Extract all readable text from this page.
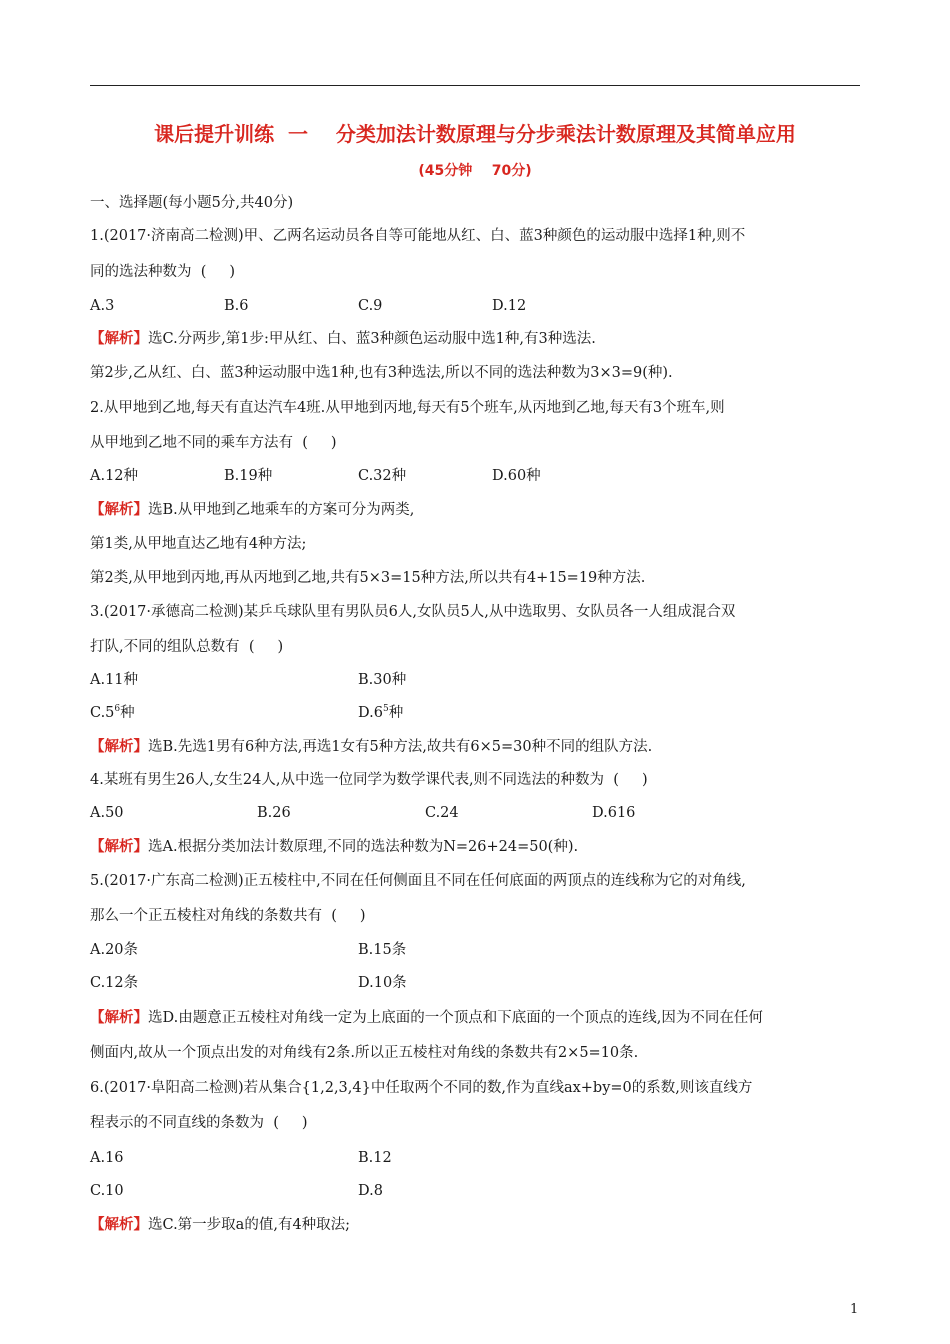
课后提升训练  一    分类加法计数原理与分步乘法计数原理及其简单应用
(45分钟    70分)
一、选择题(每小题5分,共40分)
1.(2017·济南高二检测)甲、乙两名运动员各自等可能地从红、白、蓝3种颜色的运动服中选择1种,则不
同的选法种数为  (     )
A.3	B.6	C.9	D.12
【解析】选C.分两步,第1步:甲从红、白、蓝3种颜色运动服中选1种,有3种选法.
第2步,乙从红、白、蓝3种运动服中选1种,也有3种选法,所以不同的选法种数为3×3=9(种).
2.从甲地到乙地,每天有直达汽车4班.从甲地到丙地,每天有5个班车,从丙地到乙地,每天有3个班车,则
从甲地到乙地不同的乘车方法有  (     )
A.12种	B.19种	C.32种	D.60种
【解析】选B.从甲地到乙地乘车的方案可分为两类,
第1类,从甲地直达乙地有4种方法;
第2类,从甲地到丙地,再从丙地到乙地,共有5×3=15种方法,所以共有4+15=19种方法.
3.(2017·承德高二检测)某乒乓球队里有男队员6人,女队员5人,从中选取男、女队员各一人组成混合双
打队,不同的组队总数有  (     )
A.11种	B.30种
$C.5^6$种	$D.6^5$种
【解析】选B.先选1男有6种方法,再选1女有5种方法,故共有6×5=30种不同的组队方法.
4.某班有男生26人,女生24人,从中选一位同学为数学课代表,则不同选法的种数为  (     )
A.50	B.26	C.24	D.616
【解析】选A.根据分类加法计数原理,不同的选法种数为N=26+24=50(种).
5.(2017·广东高二检测)正五棱柱中,不同在任何侧面且不同在任何底面的两顶点的连线称为它的对角线,
那么一个正五棱柱对角线的条数共有  (     )
A.20条	B.15条
C.12条	D.10条
【解析】选D.由题意正五棱柱对角线一定为上底面的一个顶点和下底面的一个顶点的连线,因为不同在任何
侧面内,故从一个顶点出发的对角线有2条.所以正五棱柱对角线的条数共有2×5=10条.
6.(2017·阜阳高二检测)若从集合{1,2,3,4}中任取两个不同的数,作为直线ax+by=0的系数,则该直线方
程表示的不同直线的条数为  (     )
A.16	B.12
C.10	D.8
【解析】选C.第一步取a的值,有4种取法;
1
